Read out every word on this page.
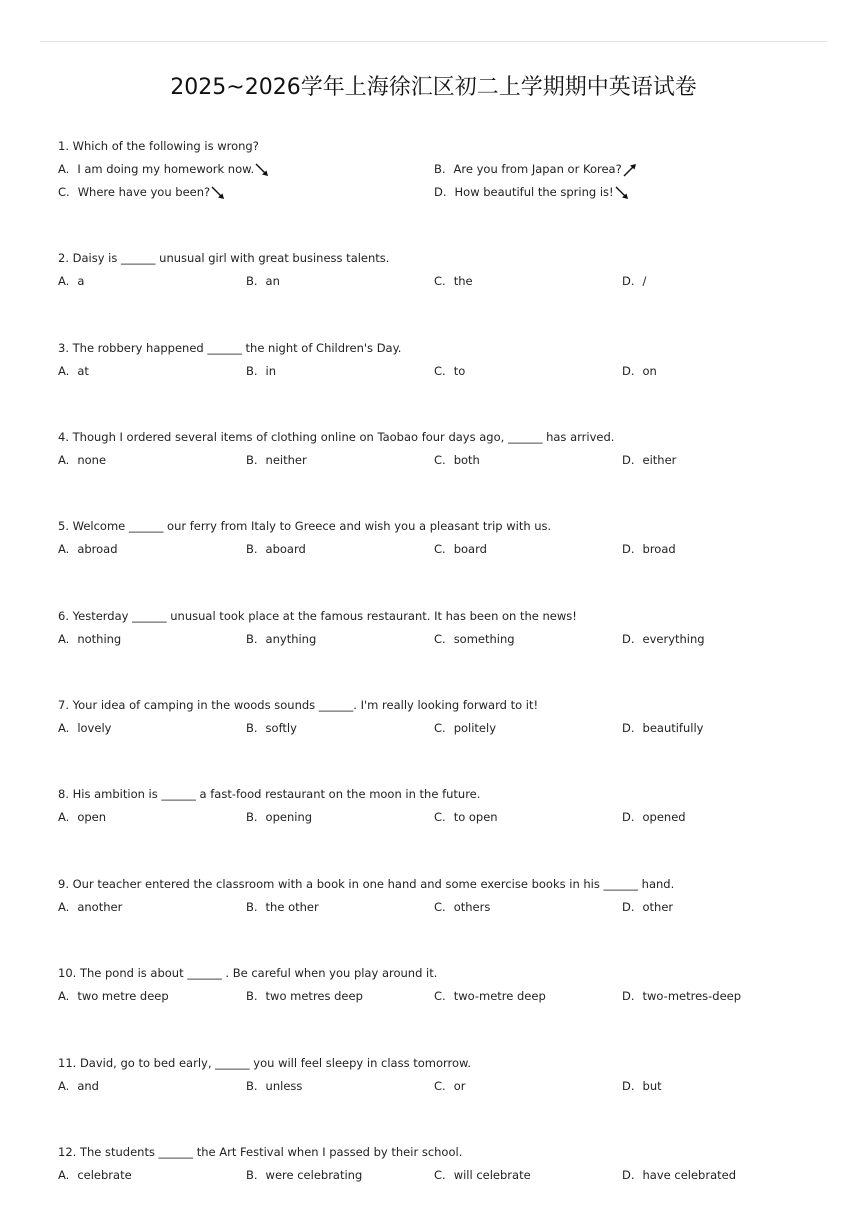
2025~2026学年上海徐汇区初二上学期期中英语试卷
1. Which of the following is wrong?
A. I am doing my homework now.	B. Are you from Japan or Korea?
C. Where have you been?	D. How beautiful the spring is!
2. Daisy is ______ unusual girl with great business talents.
A. a	B. an	C. the	D. /
3. The robbery happened ______ the night of Children's Day.
A. at	B. in	C. to	D. on
4. Though I ordered several items of clothing online on Taobao four days ago, ______ has arrived.
A. none	B. neither	C. both	D. either
5. Welcome ______ our ferry from Italy to Greece and wish you a pleasant trip with us.
A. abroad	B. aboard	C. board	D. broad
6. Yesterday ______ unusual took place at the famous restaurant. It has been on the news!
A. nothing	B. anything	C. something	D. everything
7. Your idea of camping in the woods sounds ______. I'm really looking forward to it!
A. lovely	B. softly	C. politely	D. beautifully
8. His ambition is ______ a fast-food restaurant on the moon in the future.
A. open	B. opening	C. to open	D. opened
9. Our teacher entered the classroom with a book in one hand and some exercise books in his ______ hand.
A. another	B. the other	C. others	D. other
10. The pond is about ______ . Be careful when you play around it.
A. two metre deep	B. two metres deep	C. two-metre deep	D. two-metres-deep
11. David, go to bed early, ______ you will feel sleepy in class tomorrow.
A. and	B. unless	C. or	D. but
12. The students ______ the Art Festival when I passed by their school.
A. celebrate	B. were celebrating	C. will celebrate	D. have celebrated
